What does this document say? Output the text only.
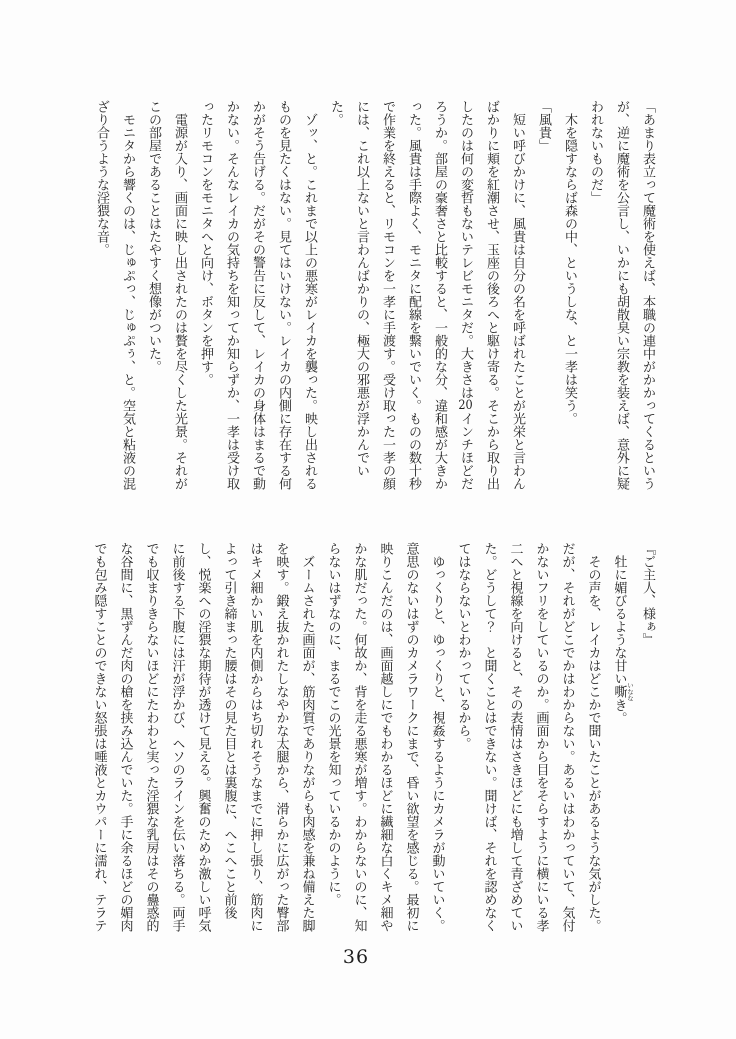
「あまり表立って魔術を使えば、本職の連中がかかってくるという

が、逆に魔術を公言し、いかにも胡散臭い宗教を装えば、意外に疑

われないものだ」

木を隠すならば森の中、というしな、と一孝は笑う。

「風貴」

短い呼びかけに、風貴は自分の名を呼ばれたことが光栄と言わん

ばかりに頬を紅潮させ、玉座の後ろへと駆け寄る。そこから取り出

したのは何の変哲もないテレビモニタだ。大きさは20インチほどだ

ろうか。部屋の豪奢さと比較すると、一般的な分、違和感が大きか

った。風貴は手際よく、モニタに配線を繋いでいく。ものの数十秒

で作業を終えると、リモコンを一孝に手渡す。受け取った一孝の顔

には、これ以上ないと言わんばかりの、極大の邪悪が浮かんでい

た。

ゾッ、と。これまで以上の悪寒がレイカを襲った。映し出される

ものを見たくはない。見てはいけない。レイカの内側に存在する何

かがそう告げる。だがその警告に反して、レイカの身体はまるで動

かない。そんなレイカの気持ちを知ってか知らずか、一孝は受け取

ったリモコンをモニタへと向け、ボタンを押す。

電源が入り、画面に映し出されたのは贅を尽くした光景。それが

この部屋であることはたやすく想像がついた。

モニタから響くのは、じゅぷっ、じゅぷぅ、と。空気と粘液の混

ざり合うような淫猥な音。

『ご主人、様ぁ』

牡に媚びるような甘い嘶 いななき。

その声を、レイカはどこかで聞いたことがあるような気がした。

だが、それがどこでかはわからない。あるいはわかっていて、気付

かないフリをしているのか。画面から目をそらすように横にいる孝

二へと視線を向けると、その表情はさきほどにも増して青ざめてい

た。どうして？　と聞くことはできない。聞けば、それを認めなく

てはならないとわかっているから。

ゆっくりと、ゆっくりと、視姦するようにカメラが動いていく。

意思のないはずのカメラワークにまで、昏い欲望を感じる。最初に

映りこんだのは、画面越しにでもわかるほどに繊細な白くキメ細や

かな肌だった。何故か、背を走る悪寒が増す。わからないのに、知

らないはずなのに、まるでこの光景を知っているかのように。

ズームされた画面が、筋肉質でありながらも肉感を兼ね備えた脚

を映す。鍛え抜かれたしなやかな太腿から、滑らかに広がった臀部

はキメ細かい肌を内側からはち切れそうなまでに押し張り、筋肉に

よって引き締まった腰はその見た目とは裏腹に、へこへこと前後

し、悦楽への淫猥な期待が透けて見える。興奮のためか激しい呼気

に前後する下腹には汗が浮かび、ヘソのラインを伝い落ちる。両手

でも収まりきらないほどにたわわと実った淫猥な乳房はその蠱惑的

な谷間に、黒ずんだ肉の槍を挟み込んでいた。手に余るほどの媚肉

でも包み隠すことのできない怒張は唾液とカウパーに濡れ、テラテ

36
